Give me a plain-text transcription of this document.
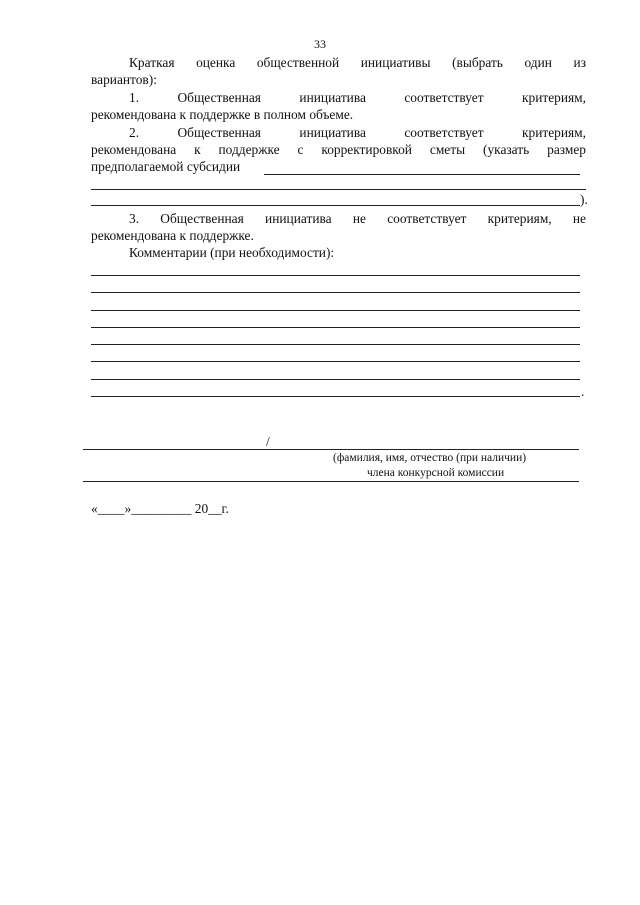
33
Краткая оценка общественной инициативы (выбрать один из
вариантов):
1. Общественная инициатива соответствует критериям,
рекомендована к поддержке в полном объеме.
2. Общественная инициатива соответствует критериям,
рекомендована к поддержке с корректировкой сметы (указать размер
предполагаемой субсидии
).
3. Общественная инициатива не соответствует критериям, не
рекомендована к поддержке.
Комментарии (при необходимости):
.
/
(фамилия, имя, отчество (при наличии)
члена конкурсной комиссии
«____»_________ 20__г.
